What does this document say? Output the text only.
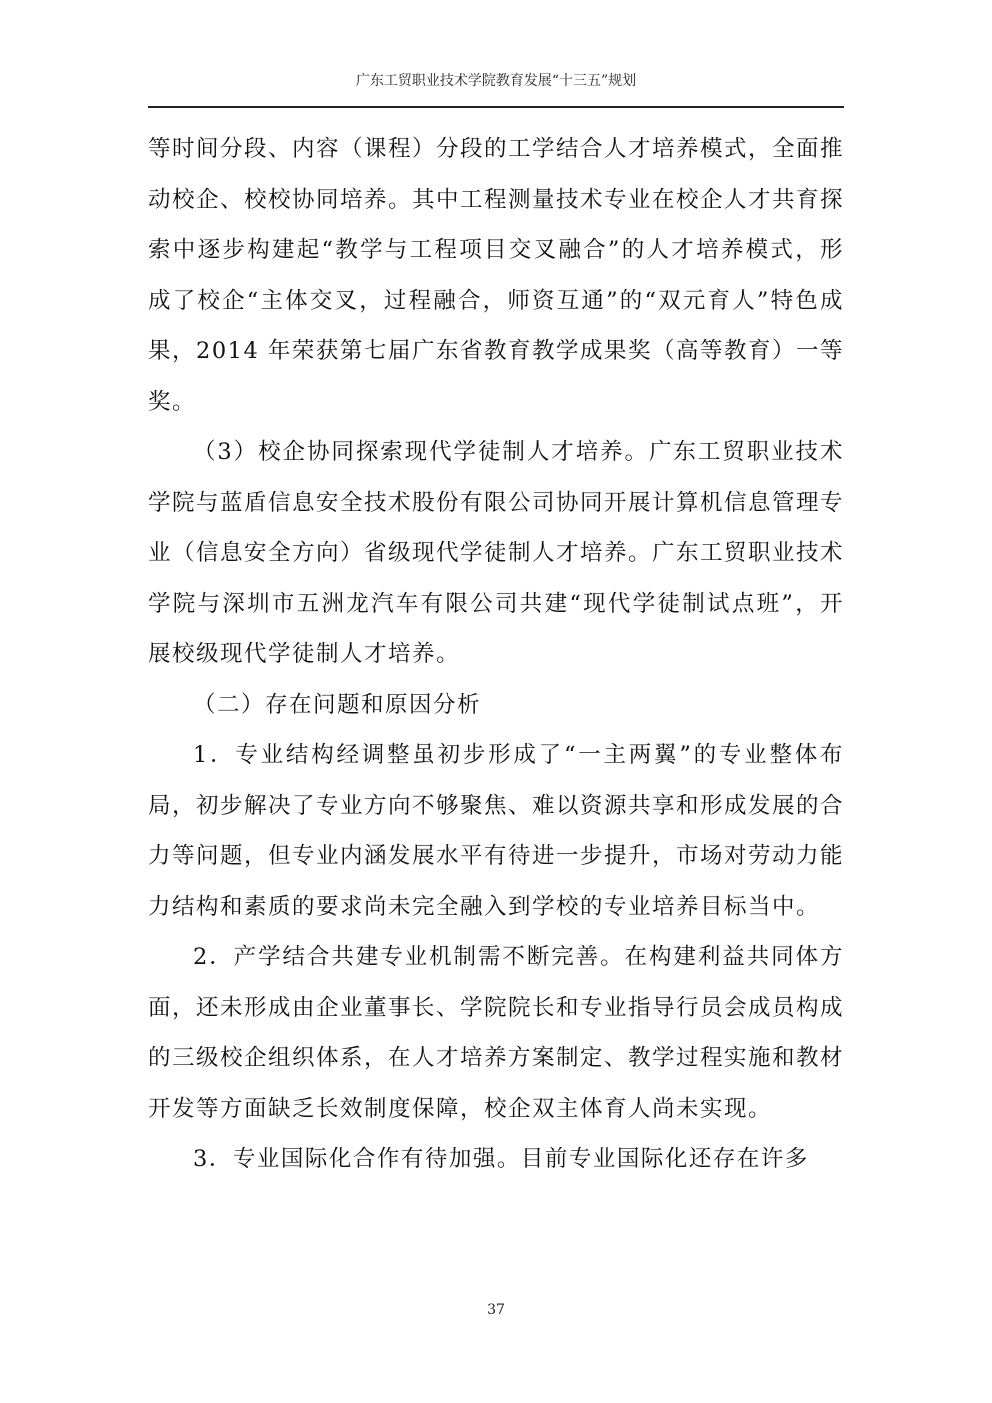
广东工贸职业技术学院教育发展“十三五”规划

等时间分段、内容（课程）分段的工学结合人才培养模式，全面推动校企、校校协同培养。其中工程测量技术专业在校企人才共育探索中逐步构建起“教学与工程项目交叉融合”的人才培养模式，形成了校企“主体交叉，过程融合，师资互通”的“双元育人”特色成果，2014 年荣获第七届广东省教育教学成果奖（高等教育）一等奖。

（3）校企协同探索现代学徒制人才培养。广东工贸职业技术学院与蓝盾信息安全技术股份有限公司协同开展计算机信息管理专业（信息安全方向）省级现代学徒制人才培养。广东工贸职业技术学院与深圳市五洲龙汽车有限公司共建“现代学徒制试点班”，开展校级现代学徒制人才培养。

（二）存在问题和原因分析

1．专业结构经调整虽初步形成了“一主两翼”的专业整体布局，初步解决了专业方向不够聚焦、难以资源共享和形成发展的合力等问题，但专业内涵发展水平有待进一步提升，市场对劳动力能力结构和素质的要求尚未完全融入到学校的专业培养目标当中。

2．产学结合共建专业机制需不断完善。在构建利益共同体方面，还未形成由企业董事长、学院院长和专业指导行员会成员构成的三级校企组织体系，在人才培养方案制定、教学过程实施和教材开发等方面缺乏长效制度保障，校企双主体育人尚未实现。

3．专业国际化合作有待加强。目前专业国际化还存在许多

37
